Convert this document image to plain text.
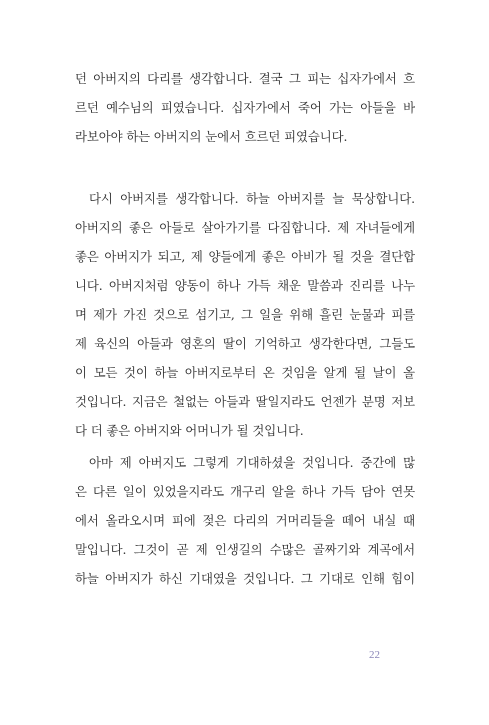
던 아버지의 다리를 생각합니다. 결국 그 피는 십자가에서 흐
르던 예수님의 피였습니다. 십자가에서 죽어 가는 아들을 바
라보아야 하는 아버지의 눈에서 흐르던 피였습니다.
다시 아버지를 생각합니다. 하늘 아버지를 늘 묵상합니다.
아버지의 좋은 아들로 살아가기를 다짐합니다. 제 자녀들에게
좋은 아버지가 되고, 제 양들에게 좋은 아비가 될 것을 결단합
니다. 아버지처럼 양동이 하나 가득 채운 말씀과 진리를 나누
며 제가 가진 것으로 섬기고, 그 일을 위해 흘린 눈물과 피를
제 육신의 아들과 영혼의 딸이 기억하고 생각한다면, 그들도
이 모든 것이 하늘 아버지로부터 온 것임을 알게 될 날이 올
것입니다. 지금은 철없는 아들과 딸일지라도 언젠가 분명 저보
다 더 좋은 아버지와 어머니가 될 것입니다.
아마 제 아버지도 그렇게 기대하셨을 것입니다. 중간에 많
은 다른 일이 있었을지라도 개구리 알을 하나 가득 담아 연못
에서 올라오시며 피에 젖은 다리의 거머리들을 떼어 내실 때
말입니다. 그것이 곧 제 인생길의 수많은 골짜기와 계곡에서
하늘 아버지가 하신 기대였을 것입니다. 그 기대로 인해 힘이
22
